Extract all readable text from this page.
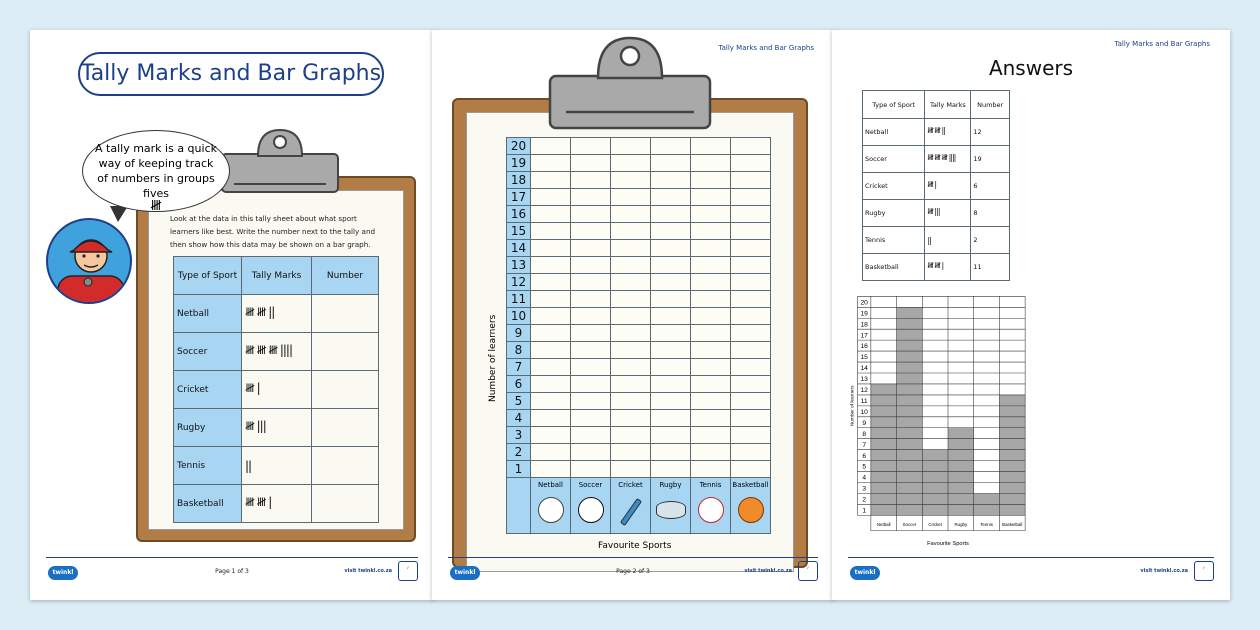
Tally Marks and Bar Graphs
A tally mark is a quick way of keeping track of numbers in groups fives
𝍸
Look at the data in this tally sheet about what sport learners like best. Write the number next to the tally and then show how this data may be shown on a bar graph.
Type of Sport	Tally Marks	Number
Netball	𝍸 𝍸 ||	
Soccer	𝍸 𝍸 𝍸 ||||	
Cricket	𝍸 |	
Rugby	𝍸 |||	
Tennis	||	
Basketball	𝍸 𝍸 |	
twinkl	Page 1 of 3	visit twinkl.co.za
✓
Tally Marks and Bar Graphs
20						
19						
18						
17						
16						
15						
14						
13						
12						
11						
10						
9						
8						
7						
6						
5						
4						
3						
2						
1						

	Netball	Soccer	Cricket	Rugby	Tennis	Basketball
Number of learners
Favourite Sports
twinkl	Page 2 of 3	visit twinkl.co.za
✓
Tally Marks and Bar Graphs
Answers
Type of Sport	Tally Marks	Number
Netball	𝍸 𝍸 ||	12
Soccer	𝍸 𝍸 𝍸 ||||	19
Cricket	𝍸 |	6
Rugby	𝍸 |||	8
Tennis	||	2
Basketball	𝍸 𝍸 |	11
1
2
3
4
5
6
7
8
9
10
11
12
13
14
15
16
17
18
19
20
Netball	Soccer	Cricket	Rugby	Tennis Basketball
Favourite Sports
Number of learners
twinkl	visit twinkl.co.za
✓
